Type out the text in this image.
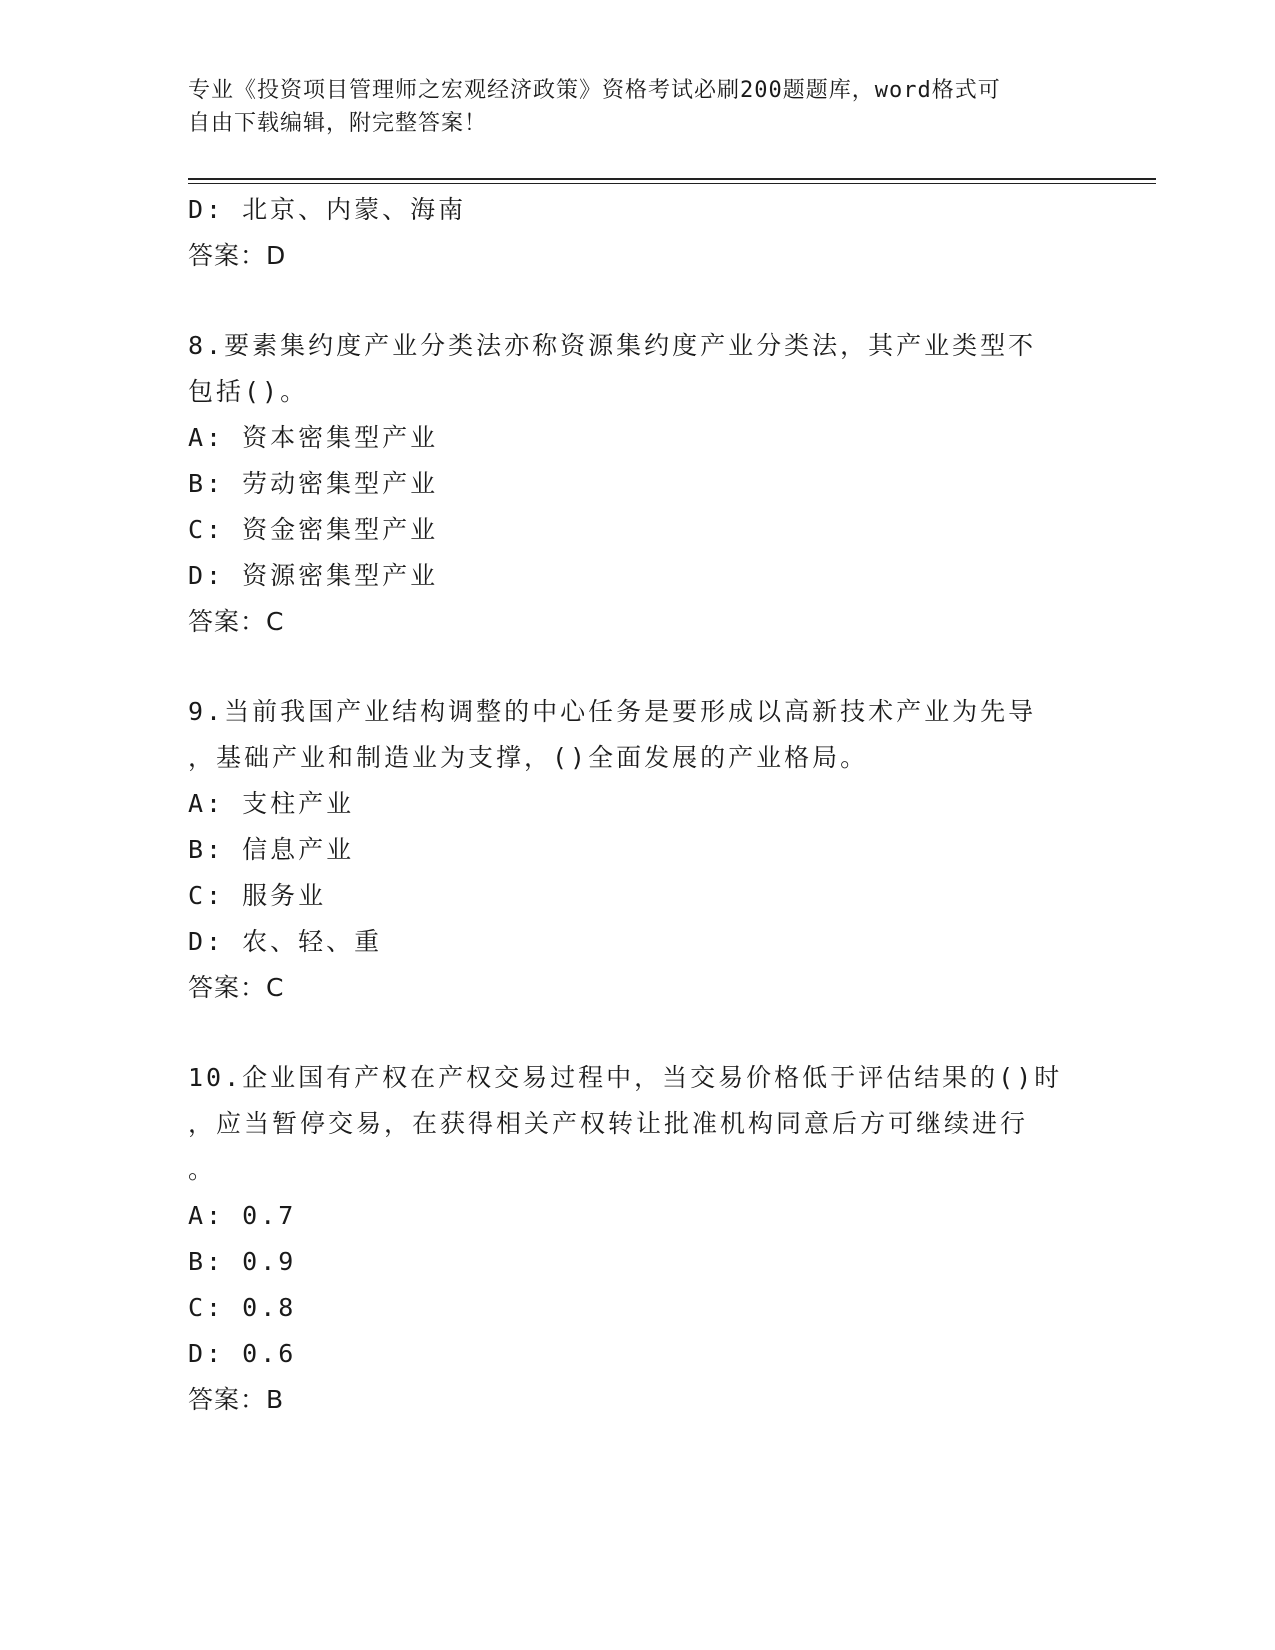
专业《投资项目管理师之宏观经济政策》资格考试必刷200题题库，word格式可
自由下载编辑，附完整答案！
D: 北京、内蒙、海南
答案：D
8.要素集约度产业分类法亦称资源集约度产业分类法，其产业类型不
包括()。
A: 资本密集型产业
B: 劳动密集型产业
C: 资金密集型产业
D: 资源密集型产业
答案：C
9.当前我国产业结构调整的中心任务是要形成以高新技术产业为先导
，基础产业和制造业为支撑，()全面发展的产业格局。
A: 支柱产业
B: 信息产业
C: 服务业
D: 农、轻、重
答案：C
10.企业国有产权在产权交易过程中，当交易价格低于评估结果的()时
，应当暂停交易，在获得相关产权转让批准机构同意后方可继续进行
。
A: 0.7
B: 0.9
C: 0.8
D: 0.6
答案：B
